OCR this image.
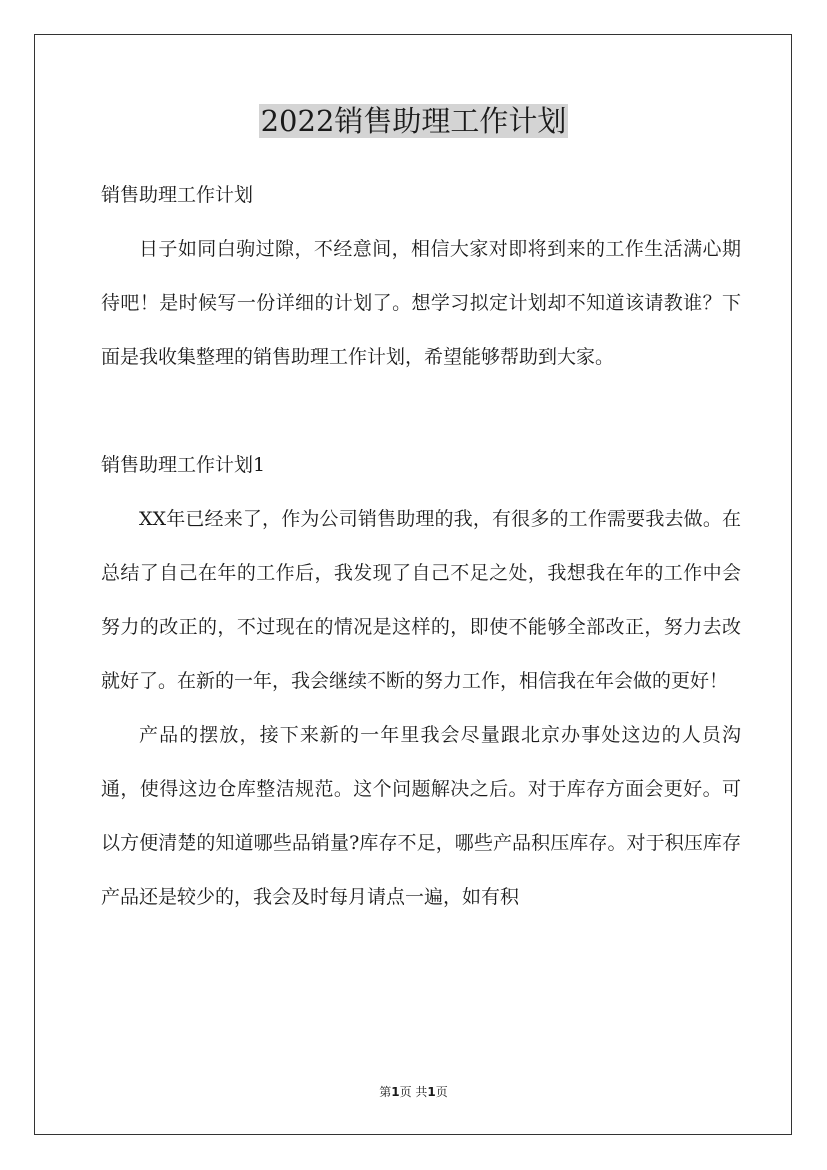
2022销售助理工作计划

销售助理工作计划

日子如同白驹过隙，不经意间，相信大家对即将到来的工作生活满心期待吧！是时候写一份详细的计划了。想学习拟定计划却不知道该请教谁？下面是我收集整理的销售助理工作计划，希望能够帮助到大家。

销售助理工作计划1

XX年已经来了，作为公司销售助理的我，有很多的工作需要我去做。在总结了自己在年的工作后，我发现了自己不足之处，我想我在年的工作中会努力的改正的，不过现在的情况是这样的，即使不能够全部改正，努力去改就好了。在新的一年，我会继续不断的努力工作，相信我在年会做的更好！

产品的摆放，接下来新的一年里我会尽量跟北京办事处这边的人员沟通，使得这边仓库整洁规范。这个问题解决之后。对于库存方面会更好。可以方便清楚的知道哪些品销量?库存不足，哪些产品积压库存。对于积压库存产品还是较少的，我会及时每月请点一遍，如有积

第1页 共1页
